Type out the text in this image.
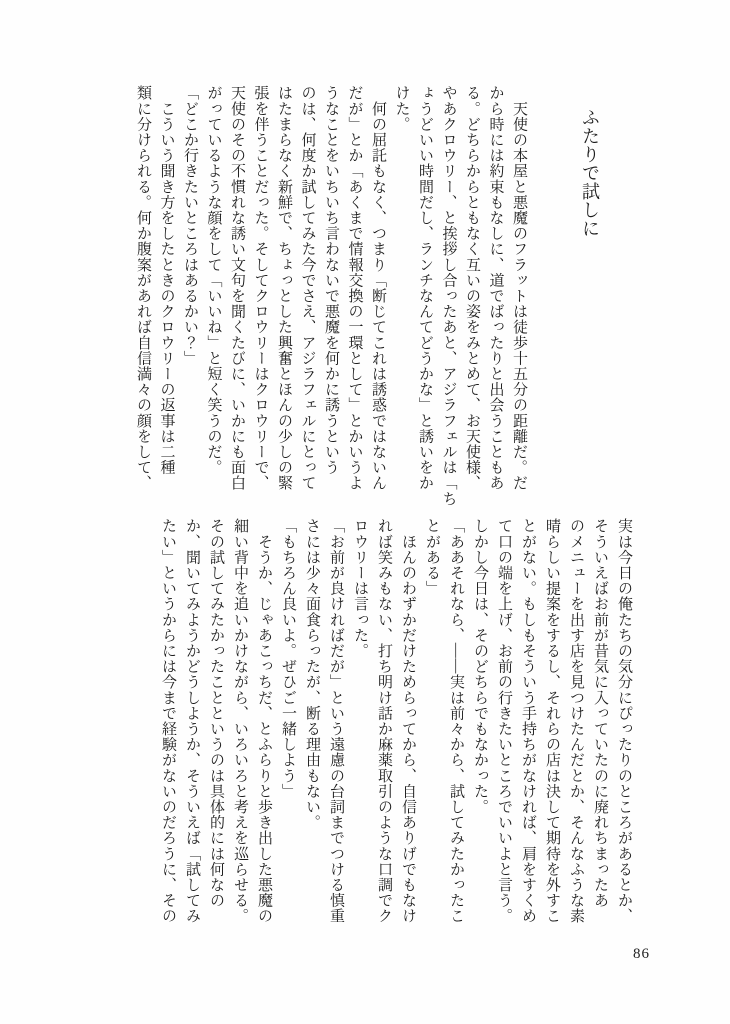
ふたりで試しに
　天使の本屋と悪魔のフラットは徒歩十五分の距離だ。だ
から時には約束もなしに、道でばったりと出会うこともあ
る。どちらからともなく互いの姿をみとめて、お天使様、
やあクロウリー、と挨拶し合ったあと、アジラフェルは「ち
ょうどいい時間だし、ランチなんてどうかな」と誘いをか
けた。
　何の屈託もなく、つまり「断じてこれは誘惑ではないん
だが」とか「あくまで情報交換の一環として」とかいうよ
うなことをいちいち言わないで悪魔を何かに誘うという
のは、何度か試してみた今でさえ、アジラフェルにとって
はたまらなく新鮮で、ちょっとした興奮とほんの少しの緊
張を伴うことだった。そしてクロウリーはクロウリーで、
天使のその不慣れな誘い文句を聞くたびに、いかにも面白
がっているような顔をして「いいね」と短く笑うのだ。
「どこか行きたいところはあるかい？」
　こういう聞き方をしたときのクロウリーの返事は二種
類に分けられる。何か腹案があれば自信満々の顔をして、
実は今日の俺たちの気分にぴったりのところがあるとか、
そういえばお前が昔気に入っていたのに廃れちまったあ
のメニューを出す店を見つけたんだとか、そんなふうな素
晴らしい提案をするし、それらの店は決して期待を外すこ
とがない。もしもそういう手持ちがなければ、肩をすくめ
て口の端を上げ、お前の行きたいところでいいよと言う。
しかし今日は、そのどちらでもなかった。
「ああそれなら、――実は前々から、試してみたかったこ
とがある」
　ほんのわずかだけためらってから、自信ありげでもなけ
れば笑みもない、打ち明け話か麻薬取引のような口調でク
ロウリーは言った。
「お前が良ければだが」という遠慮の台詞までつける慎重
さには少々面食らったが、断る理由もない。
「もちろん良いよ。ぜひご一緒しよう」
　そうか、じゃあこっちだ、とふらりと歩き出した悪魔の
細い背中を追いかけながら、いろいろと考えを巡らせる。
その試してみたかったことというのは具体的には何なの
か、聞いてみようかどうしようか、そういえば「試してみ
たい」というからには今まで経験がないのだろうに、その
86
